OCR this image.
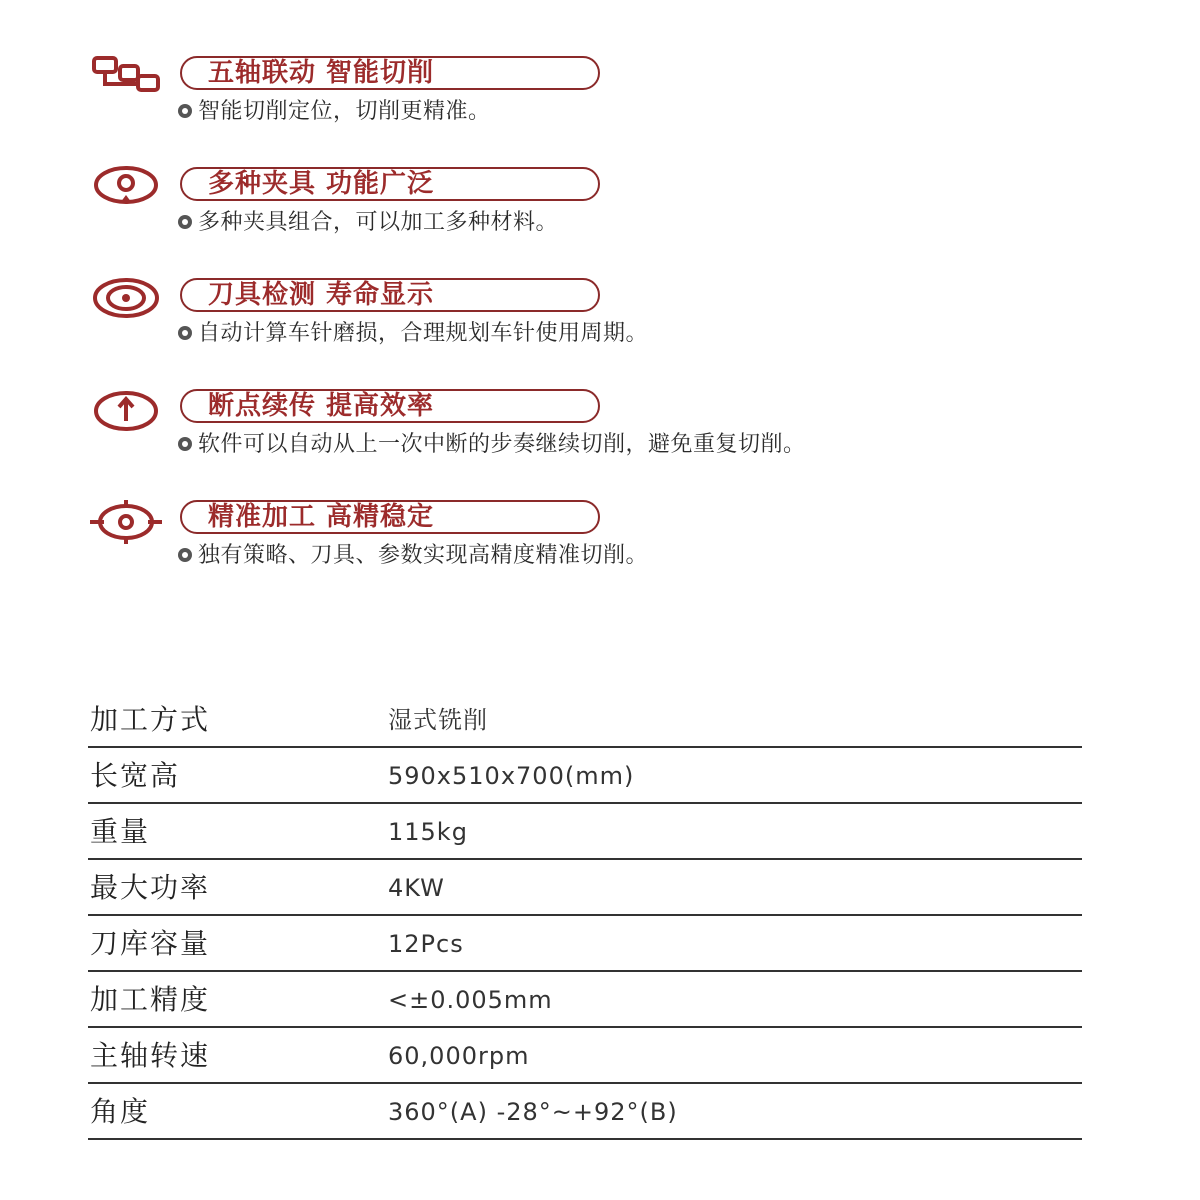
五轴联动 智能切削
智能切削定位，切削更精准。
多种夹具 功能广泛
多种夹具组合，可以加工多种材料。
刀具检测 寿命显示
自动计算车针磨损，合理规划车针使用周期。
断点续传 提高效率
软件可以自动从上一次中断的步奏继续切削，避免重复切削。
精准加工 高精稳定
独有策略、刀具、参数实现高精度精准切削。
加工方式	湿式铣削
长宽高	590x510x700(mm)
重量	115kg
最大功率	4KW
刀库容量	12Pcs
加工精度	<±0.005mm
主轴转速	60,000rpm
角度	360°(A) -28°~+92°(B)
